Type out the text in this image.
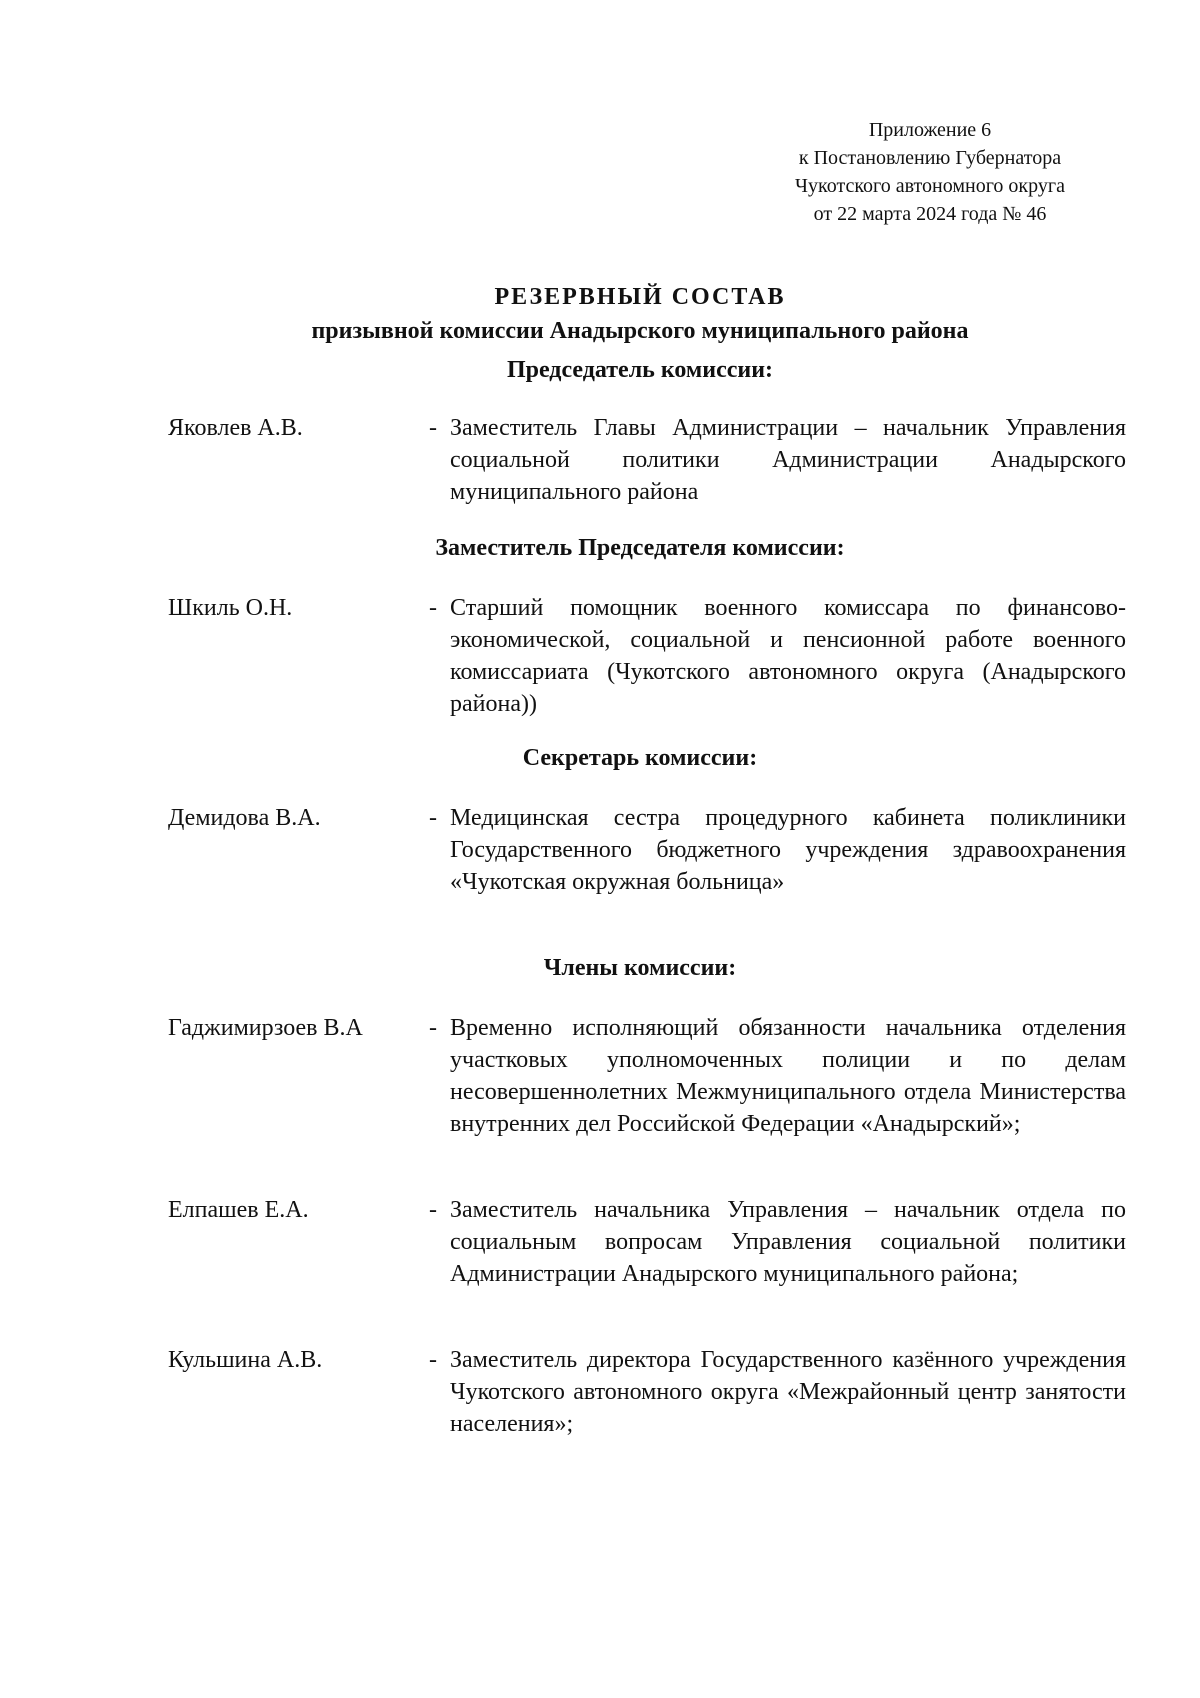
Приложение 6
к Постановлению Губернатора
Чукотского автономного округа
от 22 марта 2024 года № 46
РЕЗЕРВНЫЙ СОСТАВ
призывной комиссии Анадырского муниципального района
Председатель комиссии:
Яковлев А.В.	- Заместитель Главы Администрации – начальник Управления социальной политики Администрации Анадырского муниципального района
Заместитель Председателя комиссии:
Шкиль О.Н.	- Старший помощник военного комиссара по финансово-экономической, социальной и пенсионной работе военного комиссариата (Чукотского автономного округа (Анадырского района))
Секретарь комиссии:
Демидова В.А.	- Медицинская сестра процедурного кабинета поликлиники Государственного бюджетного учреждения здравоохранения «Чукотская окружная больница»
Члены комиссии:
Гаджимирзоев В.А	- Временно исполняющий обязанности начальника отделения участковых уполномоченных полиции и по делам несовершеннолетних Межмуниципального отдела Министерства внутренних дел Российской Федерации «Анадырский»;
Елпашев Е.А.	- Заместитель начальника Управления – начальник отдела по социальным вопросам Управления социальной политики Администрации Анадырского муниципального района;
Кульшина А.В.	- Заместитель директора Государственного казённого учреждения Чукотского автономного округа «Межрайонный центр занятости населения»;
